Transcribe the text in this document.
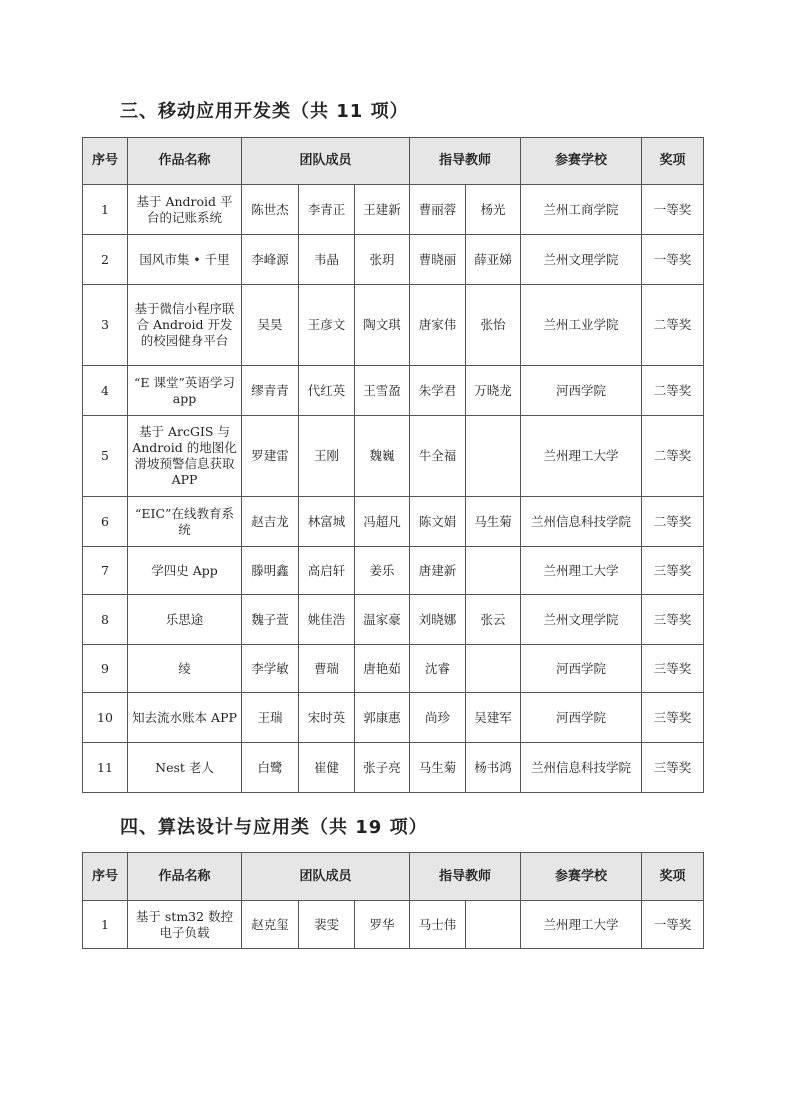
三、移动应用开发类（共 11 项）
序号	作品名称	团队成员			指导教师		参赛学校	奖项
1	基于 Android 平台的记账系统	陈世杰	李青正	王建新	曹丽蓉	杨光	兰州工商学院	一等奖
2	国风市集 • 千里	李峰源	韦晶	张玥	曹晓丽	薛亚娣	兰州文理学院	一等奖
3	基于微信小程序联合 Android 开发的校园健身平台	吴昊	王彦文	陶文琪	唐家伟	张怡	兰州工业学院	二等奖
4	“E 课堂”英语学习 app	缪青青	代红英	王雪盈	朱学君	万晓龙	河西学院	二等奖
5	基于 ArcGIS 与 Android 的地图化滑坡预警信息获取 APP	罗建雷	王刚	魏巍	牛全福		兰州理工大学	二等奖
6	“EIC”在线教育系统	赵吉龙	林富城	冯超凡	陈文娟	马生菊	兰州信息科技学院	二等奖
7	学四史 App	滕明鑫	高启轩	姜乐	唐建新		兰州理工大学	三等奖
8	乐思途	魏子萱	姚佳浩	温家豪	刘晓娜	张云	兰州文理学院	三等奖
9	绫	李学敏	曹瑞	唐艳茹	沈睿		河西学院	三等奖
10	知去流水账本 APP	王瑞	宋时英	郭康惠	尚珍	吴建军	河西学院	三等奖
11	Nest 老人	白鹭	崔健	张子亮	马生菊	杨书鸿	兰州信息科技学院	三等奖
四、算法设计与应用类（共 19 项）
序号	作品名称	团队成员			指导教师		参赛学校	奖项
1	基于 stm32 数控电子负载	赵克玺	裴雯	罗华	马士伟		兰州理工大学	一等奖
